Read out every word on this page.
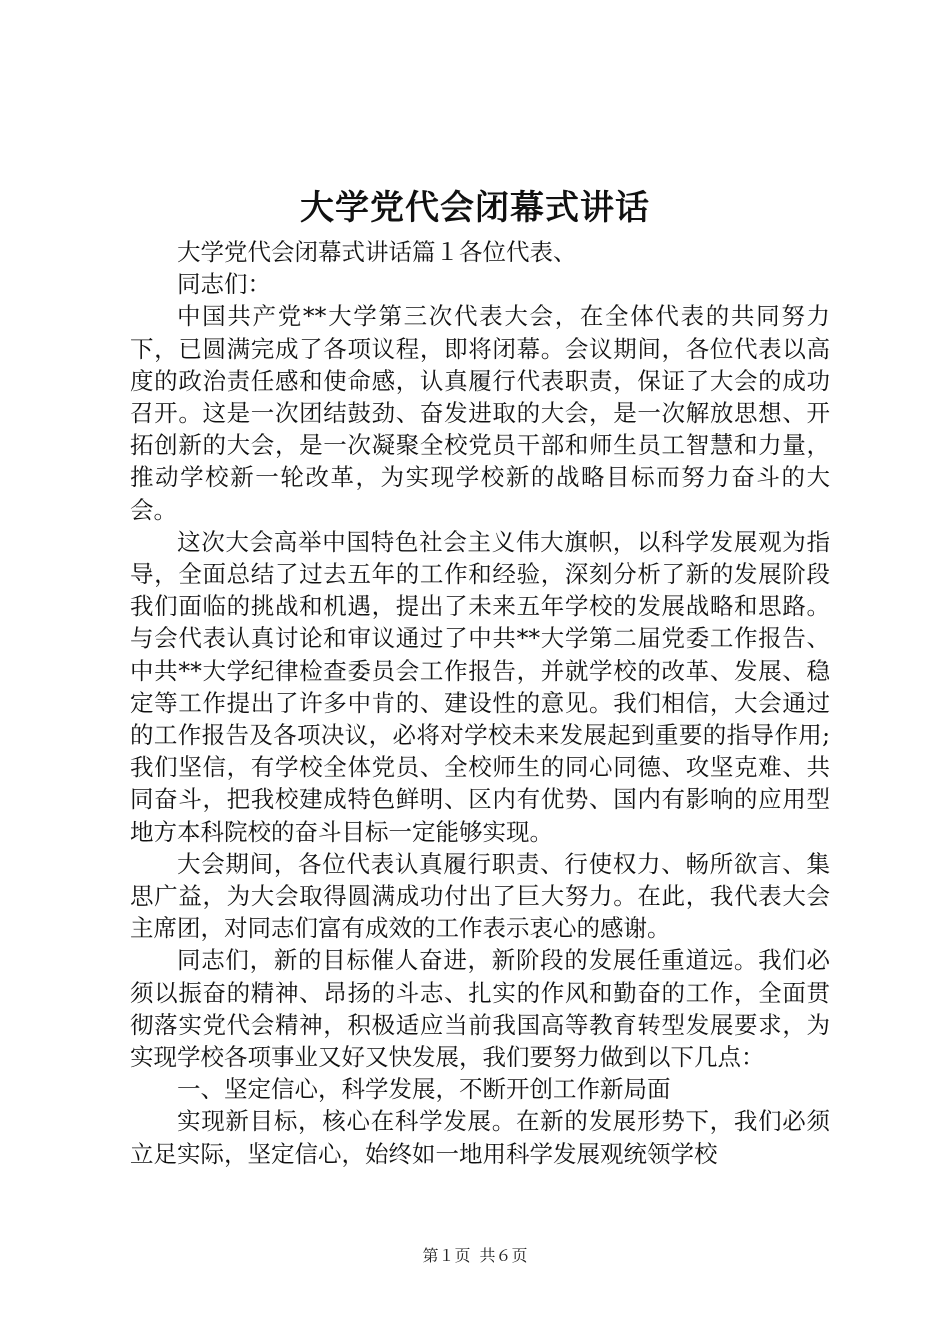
大学党代会闭幕式讲话

大学党代会闭幕式讲话篇１各位代表、

同志们：

中国共产党**大学第三次代表大会，在全体代表的共同努力下，已圆满完成了各项议程，即将闭幕。会议期间，各位代表以高度的政治责任感和使命感，认真履行代表职责，保证了大会的成功召开。这是一次团结鼓劲、奋发进取的大会，是一次解放思想、开拓创新的大会，是一次凝聚全校党员干部和师生员工智慧和力量，推动学校新一轮改革，为实现学校新的战略目标而努力奋斗的大会。

这次大会高举中国特色社会主义伟大旗帜，以科学发展观为指导，全面总结了过去五年的工作和经验，深刻分析了新的发展阶段我们面临的挑战和机遇，提出了未来五年学校的发展战略和思路。与会代表认真讨论和审议通过了中共**大学第二届党委工作报告、中共**大学纪律检查委员会工作报告，并就学校的改革、发展、稳定等工作提出了许多中肯的、建设性的意见。我们相信，大会通过的工作报告及各项决议，必将对学校未来发展起到重要的指导作用;我们坚信，有学校全体党员、全校师生的同心同德、攻坚克难、共同奋斗，把我校建成特色鲜明、区内有优势、国内有影响的应用型地方本科院校的奋斗目标一定能够实现。

大会期间，各位代表认真履行职责、行使权力、畅所欲言、集思广益，为大会取得圆满成功付出了巨大努力。在此，我代表大会主席团，对同志们富有成效的工作表示衷心的感谢。

同志们，新的目标催人奋进，新阶段的发展任重道远。我们必须以振奋的精神、昂扬的斗志、扎实的作风和勤奋的工作，全面贯彻落实党代会精神，积极适应当前我国高等教育转型发展要求，为实现学校各项事业又好又快发展，我们要努力做到以下几点：

一、坚定信心，科学发展，不断开创工作新局面

实现新目标，核心在科学发展。在新的发展形势下，我们必须立足实际，坚定信心，始终如一地用科学发展观统领学校

第１页 共６页
